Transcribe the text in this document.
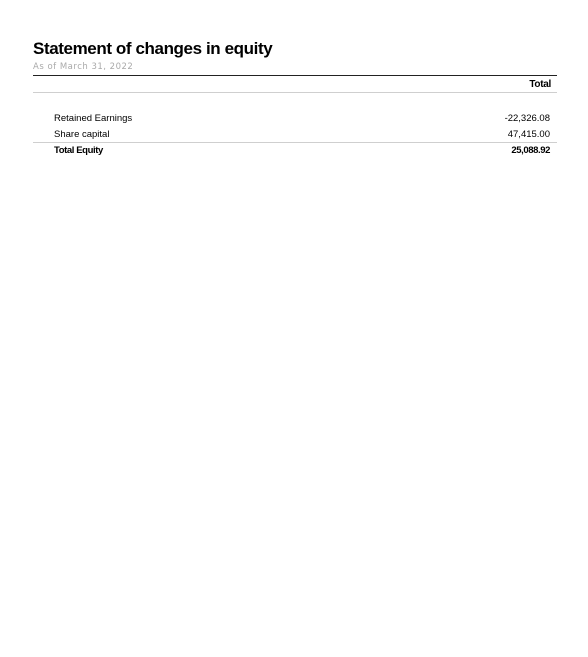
Statement of changes in equity
As of March 31, 2022
Total
Retained Earnings	-22,326.08
Share capital	47,415.00
Total Equity	25,088.92
